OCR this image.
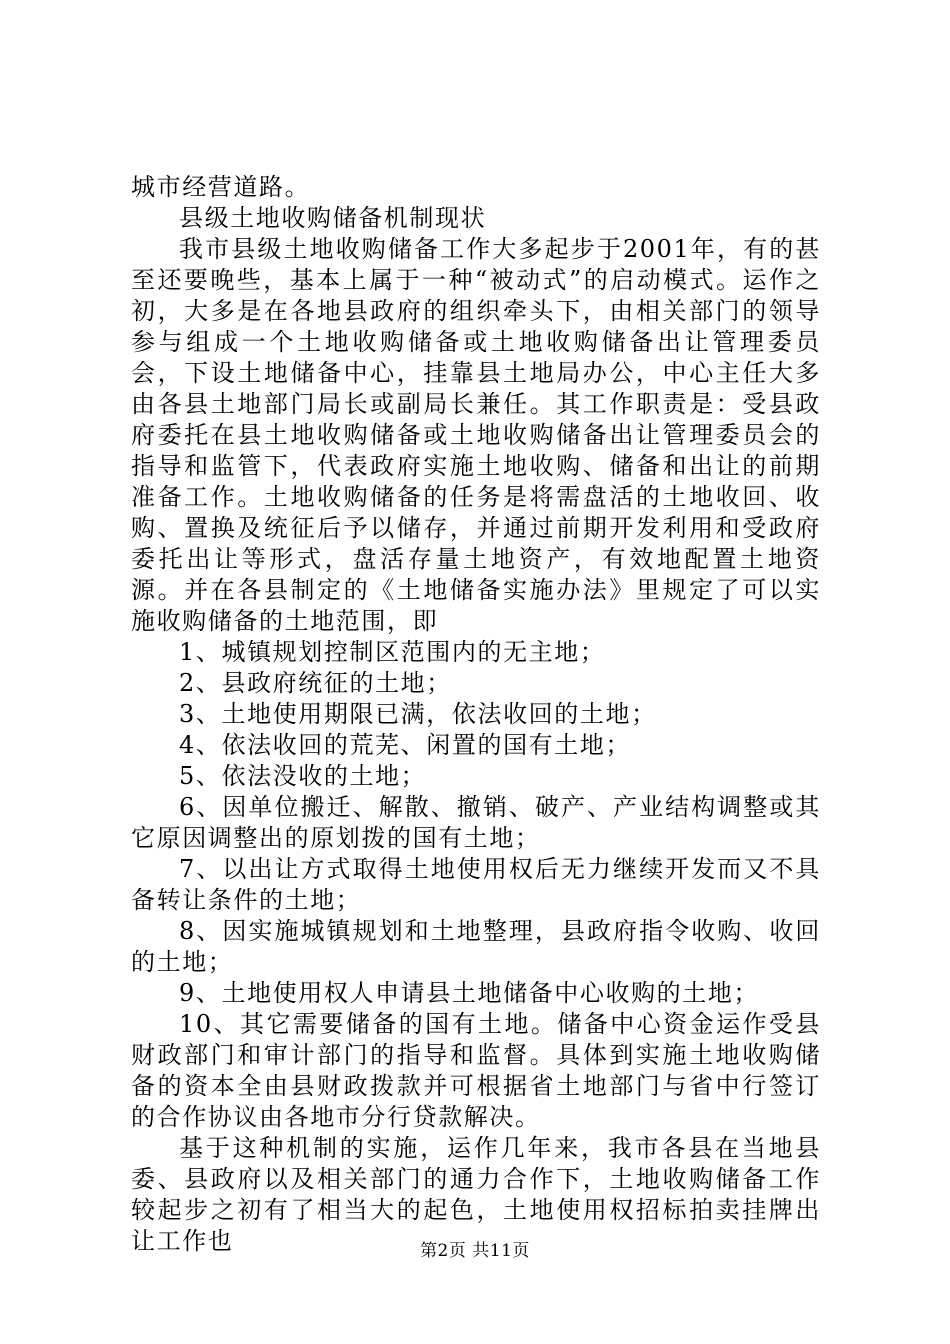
城市经营道路。

县级土地收购储备机制现状

我市县级土地收购储备工作大多起步于2001年，有的甚至还要晚些，基本上属于一种“被动式”的启动模式。运作之初，大多是在各地县政府的组织牵头下，由相关部门的领导参与组成一个土地收购储备或土地收购储备出让管理委员会，下设土地储备中心，挂靠县土地局办公，中心主任大多由各县土地部门局长或副局长兼任。其工作职责是：受县政府委托在县土地收购储备或土地收购储备出让管理委员会的指导和监管下，代表政府实施土地收购、储备和出让的前期准备工作。土地收购储备的任务是将需盘活的土地收回、收购、置换及统征后予以储存，并通过前期开发利用和受政府委托出让等形式，盘活存量土地资产，有效地配置土地资源。并在各县制定的《土地储备实施办法》里规定了可以实施收购储备的土地范围，即

1、城镇规划控制区范围内的无主地；

2、县政府统征的土地；

3、土地使用期限已满，依法收回的土地；

4、依法收回的荒芜、闲置的国有土地；

5、依法没收的土地；

6、因单位搬迁、解散、撤销、破产、产业结构调整或其它原因调整出的原划拨的国有土地；

7、以出让方式取得土地使用权后无力继续开发而又不具备转让条件的土地；

8、因实施城镇规划和土地整理，县政府指令收购、收回的土地；

9、土地使用权人申请县土地储备中心收购的土地；

10、其它需要储备的国有土地。储备中心资金运作受县财政部门和审计部门的指导和监督。具体到实施土地收购储备的资本全由县财政拨款并可根据省土地部门与省中行签订的合作协议由各地市分行贷款解决。

基于这种机制的实施，运作几年来，我市各县在当地县委、县政府以及相关部门的通力合作下，土地收购储备工作较起步之初有了相当大的起色，土地使用权招标拍卖挂牌出让工作也	第2页 共11页
